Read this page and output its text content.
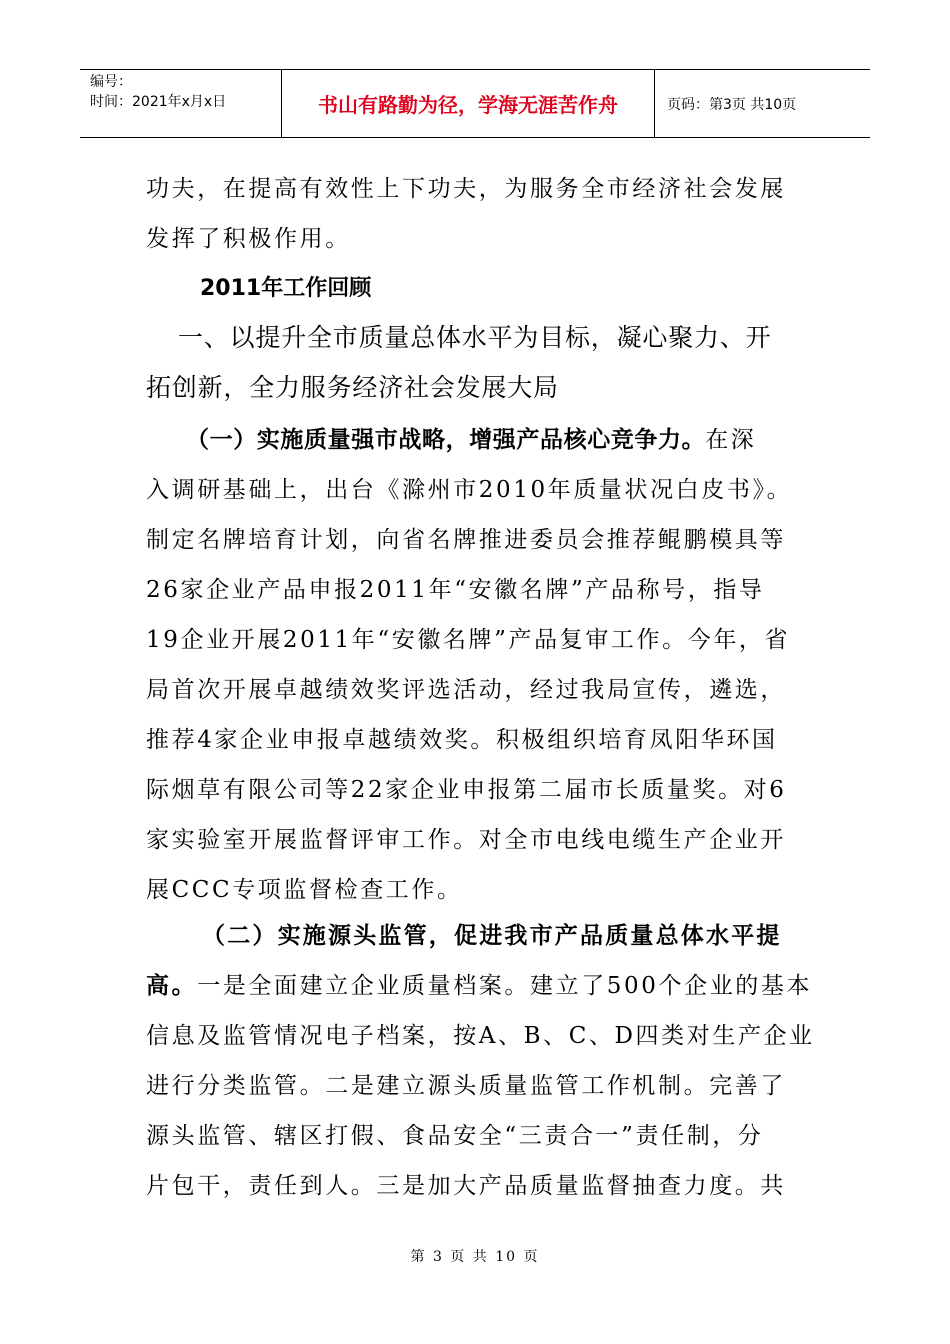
编号：
时间：2021年x月x日	书山有路勤为径，学海无涯苦作舟	页码：第3页 共10页
功夫，在提高有效性上下功夫，为服务全市经济社会发展
发挥了积极作用。
2011年工作回顾
一、以提升全市质量总体水平为目标，凝心聚力、开
拓创新，全力服务经济社会发展大局
（一）实施质量强市战略，增强产品核心竞争力。在深
入调研基础上，出台《滁州市2010年质量状况白皮书》。
制定名牌培育计划，向省名牌推进委员会推荐鲲鹏模具等
26家企业产品申报2011年“安徽名牌”产品称号，指导
19企业开展2011年“安徽名牌”产品复审工作。今年，省
局首次开展卓越绩效奖评选活动，经过我局宣传，遴选，
推荐4家企业申报卓越绩效奖。积极组织培育凤阳华环国
际烟草有限公司等22家企业申报第二届市长质量奖。对6
家实验室开展监督评审工作。对全市电线电缆生产企业开
展CCC专项监督检查工作。
（二）实施源头监管，促进我市产品质量总体水平提
高。一是全面建立企业质量档案。建立了500个企业的基本
信息及监管情况电子档案，按A、B、C、D四类对生产企业
进行分类监管。二是建立源头质量监管工作机制。完善了
源头监管、辖区打假、食品安全“三责合一”责任制，分
片包干，责任到人。三是加大产品质量监督抽查力度。共
第 3 页 共 10 页
